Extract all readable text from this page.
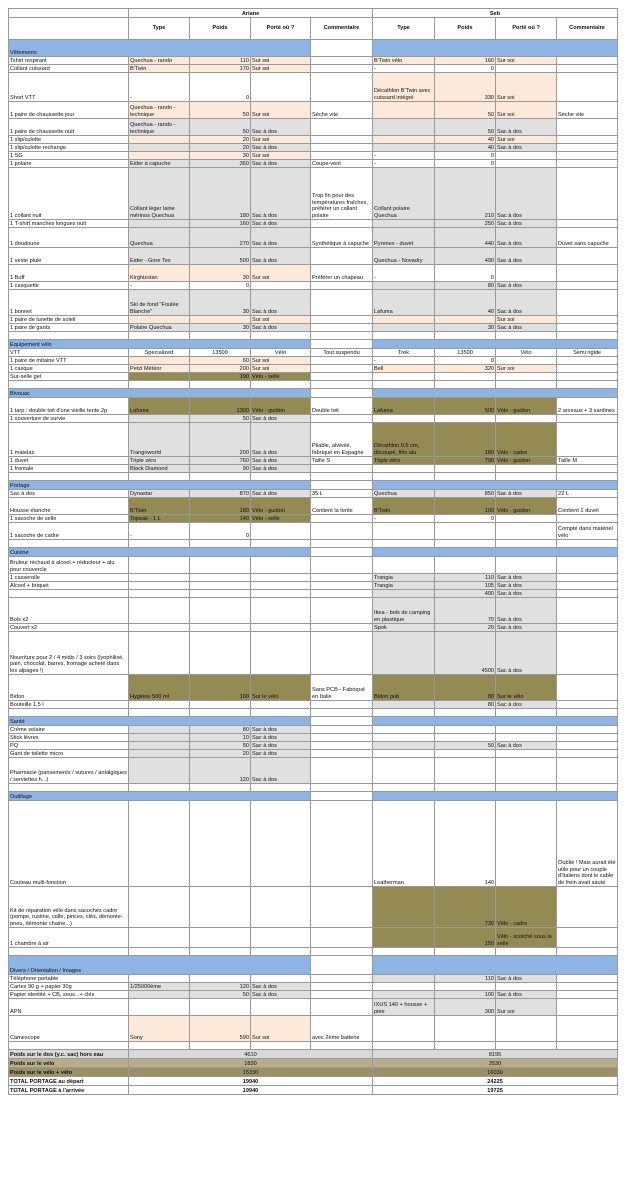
	Ariane				Seb			
	Type	Poids	Porté où ?	Commentaire	Type	Poids	Porté où ?	Commentaire
Vêtements								
Tshirt respirant	Quechua - rando	110	Sur soi		B'Twin vélo	160	Sur soi	
Collant cuissard	B'Twin	170	Sur soi		-	0		
Short VTT	-	0			Décathlon B'Twin avec cuissard intégré	330	Sur soi	
1 paire de chaussette jour	Quechua - rando - technique	50	Sur soi	Sèche vite		50	Sur soi	Sèche vite
1 paire de chaussette nuit	Quechua - rando - technique	50	Sac à dos			50	Sac à dos	
1 slip/culotte		20	Sur soi			40	Sur soi	
1 slip/culotte rechange		20	Sac à dos			40	Sac à dos	
1 SG		30	Sur soi		-	0		
1 polaire	Eider à capuche	360	Sac à dos	Coupe-vent	-	0		
1 collant nuit	Collant léger laine mérinos Quechua	180	Sac à dos	Trop fin pour des températures fraîches, préférer un collant polaire	Collant polaire Quechua	210	Sac à dos	
1 T-shirt manches longues nuit		160	Sac à dos			250	Sac à dos	
1 doudoune	Quechua	270	Sac à dos	Synthétique à capuche	Pyrenex - duvet	440	Sac à dos	Duvet sans capuche
1 veste pluie	Eider - Gore Tex	500	Sac à dos		Quechua - Novadry	490	Sac à dos	
1 Buff	Kirghizstan	30	Sur soi	Préférer un chapeau	-	0		
1 casquette	-	0				80	Sac à dos	
1 bonnet	Ski de fond "Foulée Blanche"	30	Sac à dos		Lafuma	40	Sac à dos	
1 paire de lunette de soleil			Sur soi				Sur soi	
1 paire de gants	Polaire Quechua	30	Sac à dos			30	Sac à dos	

Equipement vélo								
VTT	Specialized	13500	Vélo	Tout suspendu	Trek	13500	Vélo	Semi rigide
1 paire de mitaine VTT		60	Sur soi		-	0		
1 casque	Petzl Météor	200	Sur soi		Bell	320	Sur soi	
Sur-selle gel		190	Vélo - selle					

Bivouac								
1 tarp : double toit d'une vieille tente 2p	Lafuma	1300	Vélo - guidon	Double toit	Lafuma	500	Vélo - guidon	2 arceaux + 3 sardines
1 couverture de survie		50	Sac à dos					
1 matelas	Trangoworld	200	Sac à dos	Pliable, alvéolé, fabriqué en Espagne	Décathlon 0,5 cm, découpé, film alu	180	Vélo - cadre	
1 duvet	Triple zéro	760	Sac à dos	Taille S	Triple zéro	790	Vélo - guidon	Taille M
1 frontale	Black Diamond	90	Sac à dos					

Portage								
Sac à dos	Dynastar	870	Sac à dos	35 L	Quechua	850	Sac à dos	22 L
Housse étanche	B'Twin	180	Vélo - guidon	Contient la tente	B'Twin	100	Vélo - guidon	Contient 1 duvet
1 sacoche de selle	Topeak - 1 L	140	Vélo - selle		-	0		
1 sacoche de cadre	-	0						Compté dans matériel vélo

Cuisine								
Bruleur réchaud à alcool + réducteur + alu pour couvercle								
1 casserolle					Trangia	110	Sac à dos	
Alcool + briquet					Trangia	105	Sac à dos	
						400	Sac à dos	
Bols x2					Ikea - bols de camping en plastique	70	Sac à dos	
Couvert x2					Spok	20	Sac à dos	
Nourriture pour 2 / 4 midis / 3 soirs (lyophilisé, pain, chocolat, barres, fromage acheté dans les alpages !)						4500	Sac à dos	
Bidon	Hygiène 500 ml	100	Sur le vélo	Sans PCB - Fabriqué en Italie	Bidon pub	80	Sur le vélo	
Bouteille 1,5 l						80	Sac à dos	

Santé								
Crème solaire		80	Sac à dos					
Stick lèvres		10	Sac à dos					
PQ		50	Sac à dos			50	Sac à dos	
Gant de toilette micro		20	Sac à dos					
Pharmacie (pansements / sutures / antalgiques / serviettes h...)		120	Sac à dos					

Outillage								
Couteau multi-fonction					Leatherman	140		Oublié ! Mais aurait été utile pour un couple d'Italiens dont le cable de frein avait sauté
Kit de réparation vélo dans sacoches cadre (pompe, rustine, colle, pinces, clés, démonte-pneu, démonte chaine...)						730	Vélo - cadre	
1 chambre à air						150	Vélo - scotché sous la selle	

Divers / Orientation / Images								
Téléphone portable						110	Sac à dos	
Cartes 90 g + papier 30g	1/25000ème	120	Sac à dos					
Papier identité + CB, sous...+ clés		50	Sac à dos			100	Sac à dos	
APN					IXUS 140 + housse + pièe	300	Sur soi	
Camescope	Sony	590	Sur soi	avec 2ème batterie				

Poids sur le dos (y.c. sac) hors eau	4610				8195			
Poids sur le vélo	1830				2530			
Poids sur le vélo + vélo	15330				16030			
TOTAL PORTAGE au départ	19940				24225			
TOTAL PORTAGE à l'arrivée	19940				19725			
